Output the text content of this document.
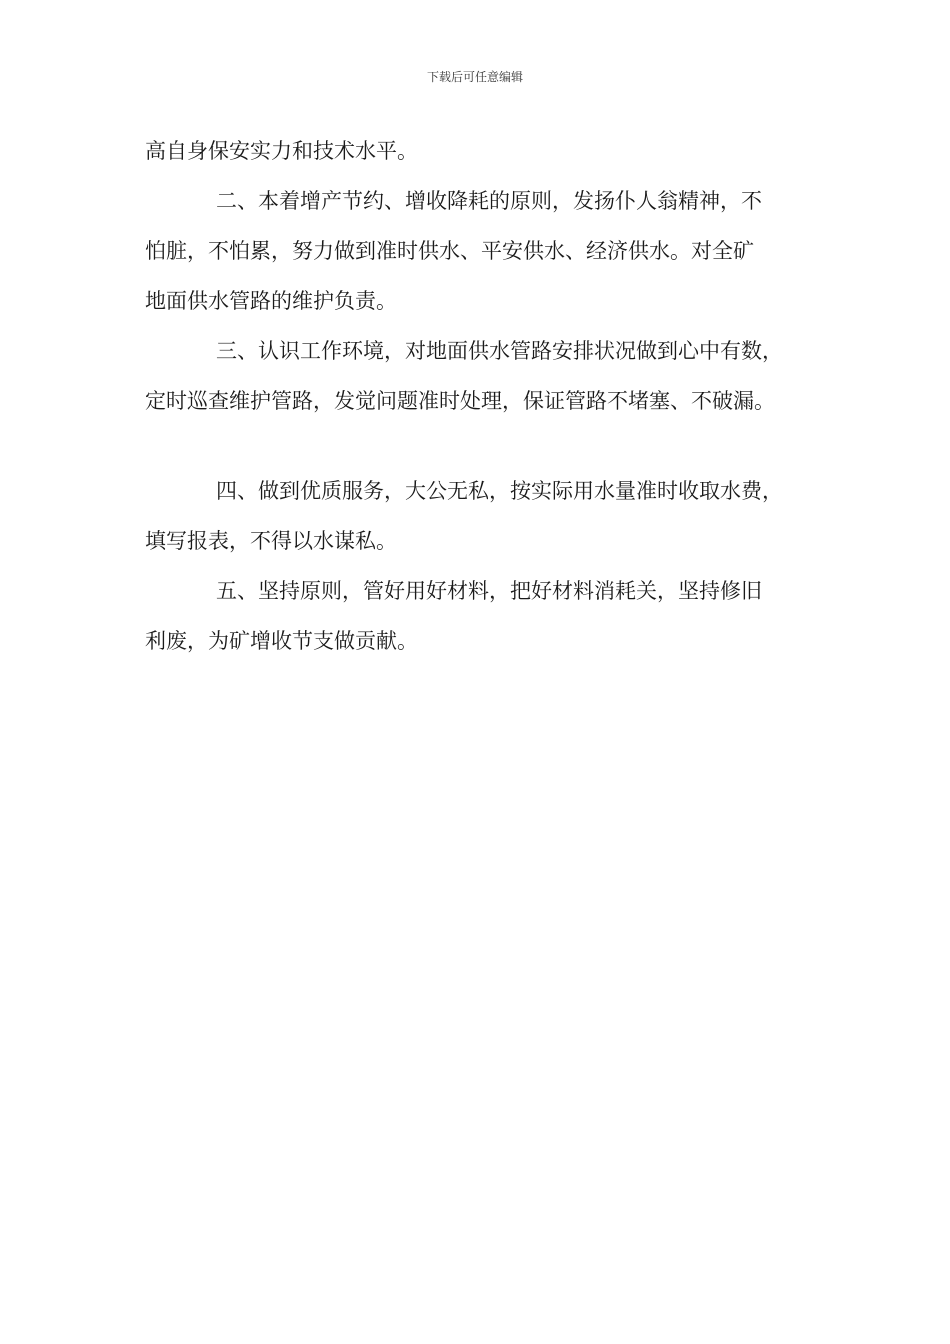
下载后可任意编辑
高自身保安实力和技术水平。
二、本着增产节约、增收降耗的原则，发扬仆人翁精神，不
怕脏，不怕累，努力做到准时供水、平安供水、经济供水。对全矿
地面供水管路的维护负责。
三、认识工作环境，对地面供水管路安排状况做到心中有数，
定时巡查维护管路，发觉问题准时处理，保证管路不堵塞、不破漏。
四、做到优质服务，大公无私，按实际用水量准时收取水费，
填写报表，不得以水谋私。
五、坚持原则，管好用好材料，把好材料消耗关，坚持修旧
利废，为矿增收节支做贡献。
